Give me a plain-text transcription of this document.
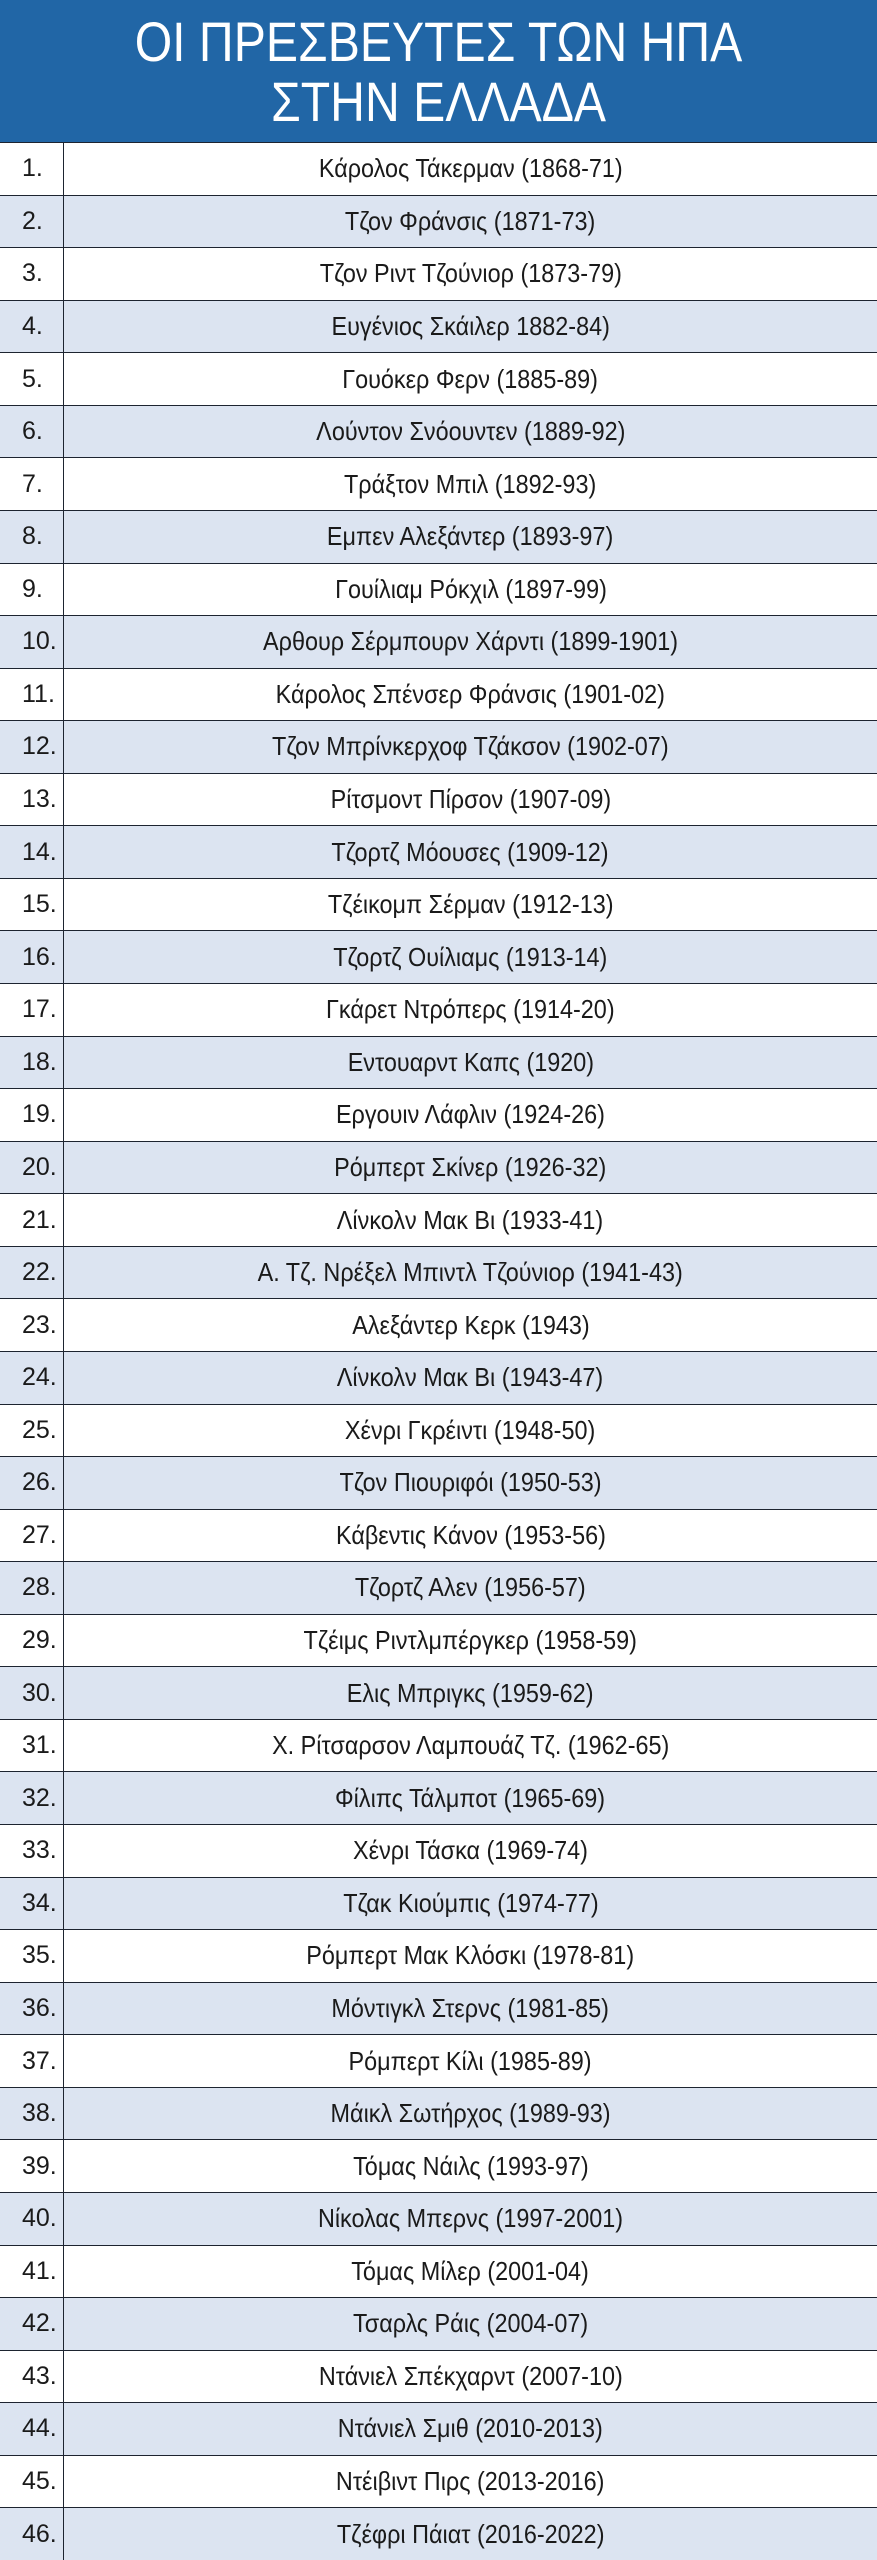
ΟΙ ΠΡΕΣΒΕΥΤΕΣ ΤΩΝ ΗΠΑ ΣΤΗΝ ΕΛΛΑΔΑ
1.	Κάρολος Τάκερμαν (1868-71)
2.	Τζον Φράνσις (1871-73)
3.	Τζον Ριντ Τζούνιορ (1873-79)
4.	Ευγένιος Σκάιλερ 1882-84)
5.	Γουόκερ Φερν (1885-89)
6.	Λούντον Σνόουντεν (1889-92)
7.	Τράξτον Μπιλ (1892-93)
8.	Εμπεν Αλεξάντερ (1893-97)
9.	Γουίλιαμ Ρόκχιλ (1897-99)
10.	Αρθουρ Σέρμπουρν Χάρντι (1899-1901)
11.	Κάρολος Σπένσερ Φράνσις (1901-02)
12.	Τζον Μπρίνκερχοφ Τζάκσον (1902-07)
13.	Ρίτσμοντ Πίρσον (1907-09)
14.	Τζορτζ Μόουσες (1909-12)
15.	Τζέικομπ Σέρμαν (1912-13)
16.	Τζορτζ Ουίλιαμς (1913-14)
17.	Γκάρετ Ντρόπερς (1914-20)
18.	Εντουαρντ Καπς (1920)
19.	Εργουιν Λάφλιν (1924-26)
20.	Ρόμπερτ Σκίνερ (1926-32)
21.	Λίνκολν Μακ Βι (1933-41)
22.	Α. Τζ. Νρέξελ Μπιντλ Τζούνιορ (1941-43)
23.	Αλεξάντερ Κερκ (1943)
24.	Λίνκολν Μακ Βι (1943-47)
25.	Χένρι Γκρέιντι (1948-50)
26.	Τζον Πιουριφόι (1950-53)
27.	Κάβεντις Κάνον (1953-56)
28.	Τζορτζ Αλεν (1956-57)
29.	Τζέιμς Ριντλμπέργκερ (1958-59)
30.	Ελις Μπριγκς (1959-62)
31.	Χ. Ρίτσαρσον Λαμπουάζ Τζ. (1962-65)
32.	Φίλιπς Τάλμποτ (1965-69)
33.	Χένρι Τάσκα (1969-74)
34.	Τζακ Κιούμπις (1974-77)
35.	Ρόμπερτ Μακ Κλόσκι (1978-81)
36.	Μόντιγκλ Στερνς (1981-85)
37.	Ρόμπερτ Κίλι (1985-89)
38.	Μάικλ Σωτήρχος (1989-93)
39.	Τόμας Νάιλς (1993-97)
40.	Νίκολας Μπερνς (1997-2001)
41.	Τόμας Μίλερ (2001-04)
42.	Τσαρλς Ράις (2004-07)
43.	Ντάνιελ Σπέκχαρντ (2007-10)
44.	Ντάνιελ Σμιθ (2010-2013)
45.	Ντέιβιντ Πιρς (2013-2016)
46.	Τζέφρι Πάιατ (2016-2022)
